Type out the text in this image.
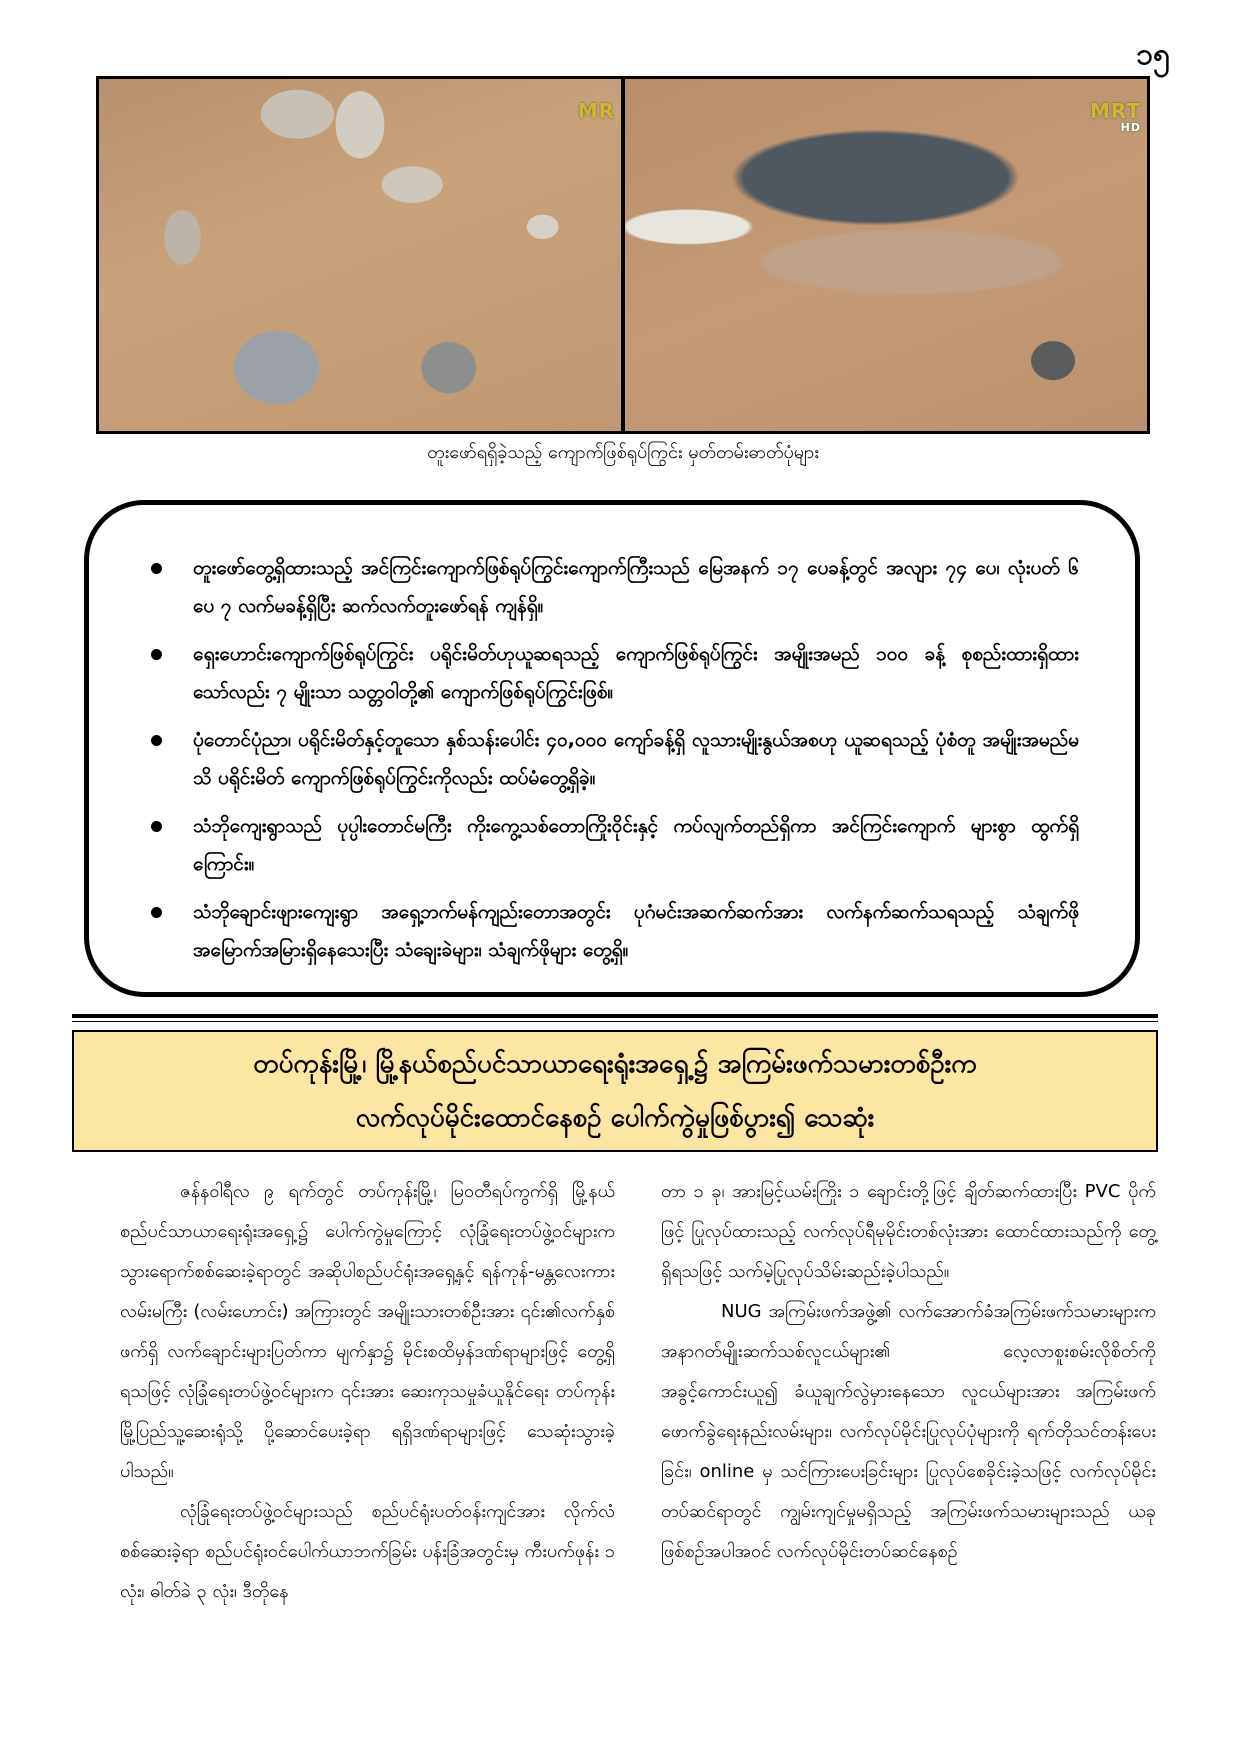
၁၅
MR	MRT
HD
တူးဖော်ရရှိခဲ့သည့် ကျောက်ဖြစ်ရုပ်ကြွင်း မှတ်တမ်းဓာတ်ပုံများ
တူးဖော်တွေ့ရှိထားသည့် အင်ကြင်းကျောက်ဖြစ်ရုပ်ကြွင်းကျောက်ကြီးသည် မြေအနက် ၁၇ ပေခန့်တွင် အလျား ၇၄ ပေ၊ လုံးပတ် ၆ ပေ ၇ လက်မခန့်ရှိပြီး ဆက်လက်တူးဖော်ရန် ကျန်ရှိ။
ရှေးဟောင်းကျောက်ဖြစ်ရုပ်ကြွင်း ပရိုင်းမိတ်ဟုယူဆရသည့် ကျောက်ဖြစ်ရုပ်ကြွင်း အမျိုးအမည် ၁၀၀ ခန့် စုစည်းထားရှိထားသော်လည်း ၇ မျိုးသာ သတ္တဝါတို့၏ ကျောက်ဖြစ်ရုပ်ကြွင်းဖြစ်။
ပုံတောင်ပုံညာ၊ ပရိုင်းမိတ်နှင့်တူသော နှစ်သန်းပေါင်း ၄၀,၀၀၀ ကျော်ခန့်ရှိ လူသားမျိုးနွယ်အစဟု ယူဆရသည့် ပုံစံတူ အမျိုးအမည်မသိ ပရိုင်းမိတ် ကျောက်ဖြစ်ရုပ်ကြွင်းကိုလည်း ထပ်မံတွေ့ရှိခဲ့။
သံဘိုကျေးရွာသည် ပုပ္ပါးတောင်မကြီး ကိုးကွေ့သစ်တောကြိုးဝိုင်းနှင့် ကပ်လျက်တည်ရှိကာ အင်ကြင်းကျောက် များစွာ ထွက်ရှိကြောင်း။
သံဘိုချောင်းဖျားကျေးရွာ အရှေ့ဘက်မန်ကျည်းတောအတွင်း ပုဂံမင်းအဆက်ဆက်အား လက်နက်ဆက်သရသည့် သံချက်ဖိုအမြောက်အမြားရှိနေသေးပြီး သံချေးခဲများ၊ သံချက်ဖိုများ တွေ့ရှိ။
တပ်ကုန်းမြို့၊ မြို့နယ်စည်ပင်သာယာရေးရုံးအရှေ့၌ အကြမ်းဖက်သမားတစ်ဦးက
လက်လုပ်မိုင်းထောင်နေစဉ် ပေါက်ကွဲမှုဖြစ်ပွား၍ သေဆုံး

ဇန်နဝါရီလ ၉ ရက်တွင် တပ်ကုန်းမြို့၊ မြဝတီရပ်ကွက်ရှိ မြို့နယ်စည်ပင်သာယာရေးရုံးအရှေ့၌ ပေါက်ကွဲမှုကြောင့် လုံခြုံရေးတပ်ဖွဲ့ဝင်များက သွားရောက်စစ်ဆေးခဲ့ရာတွင် အဆိုပါစည်ပင်ရုံးအရှေ့နှင့် ရန်ကုန်-မန္တလေးကားလမ်းမကြီး (လမ်းဟောင်း) အကြားတွင် အမျိုးသားတစ်ဦးအား ၎င်း၏လက်နှစ်ဖက်ရှိ လက်ချောင်းများပြတ်ကာ မျက်နှာ၌ မိုင်းစထိမှန်ဒဏ်ရာများဖြင့် တွေ့ရှိရသဖြင့် လုံခြုံရေးတပ်ဖွဲ့ဝင်များက ၎င်းအား ဆေးကုသမှုခံယူနိုင်ရေး တပ်ကုန်းမြို့ပြည်သူ့ဆေးရုံသို့ ပို့ဆောင်ပေးခဲ့ရာ ရရှိဒဏ်ရာများဖြင့် သေဆုံးသွားခဲ့ပါသည်။

လုံခြုံရေးတပ်ဖွဲ့ဝင်များသည် စည်ပင်ရုံးပတ်ဝန်းကျင်အား လိုက်လံစစ်ဆေးခဲ့ရာ စည်ပင်ရုံးဝင်ပေါက်ယာဘက်ခြမ်း ပန်းခြံအတွင်းမှ ကီးပက်ဖုန်း ၁ လုံး၊ ဓါတ်ခဲ ၃ လုံး၊ ဒီတိုနေ

တာ ၁ ခု၊ အားမြင့်ယမ်းကြိုး ၁ ချောင်းတို့ဖြင့် ချိတ်ဆက်ထားပြီး PVC ပိုက်ဖြင့် ပြုလုပ်ထားသည့် လက်လုပ်ရီမုမိုင်းတစ်လုံးအား ထောင်ထားသည်ကို တွေ့ရှိရသဖြင့် သက်မဲ့ပြုလုပ်သိမ်းဆည်းခဲ့ပါသည်။

NUG အကြမ်းဖက်အဖွဲ့၏ လက်အောက်ခံအကြမ်းဖက်သမားများက အနာဂတ်မျိုးဆက်သစ်လူငယ်များ၏ လေ့လာစူးစမ်းလိုစိတ်ကို အခွင့်ကောင်းယူ၍ ခံယူချက်လွဲမှားနေသော လူငယ်များအား အကြမ်းဖက်ဖောက်ခွဲရေးနည်းလမ်းများ၊ လက်လုပ်မိုင်းပြုလုပ်ပုံများကို ရက်တိုသင်တန်းပေးခြင်း၊ online မှ သင်ကြားပေးခြင်းများ ပြုလုပ်စေခိုင်းခဲ့သဖြင့် လက်လုပ်မိုင်းတပ်ဆင်ရာတွင် ကျွမ်းကျင်မှုမရှိသည့် အကြမ်းဖက်သမားများသည် ယခုဖြစ်စဉ်အပါအဝင် လက်လုပ်မိုင်းတပ်ဆင်နေစဉ်
